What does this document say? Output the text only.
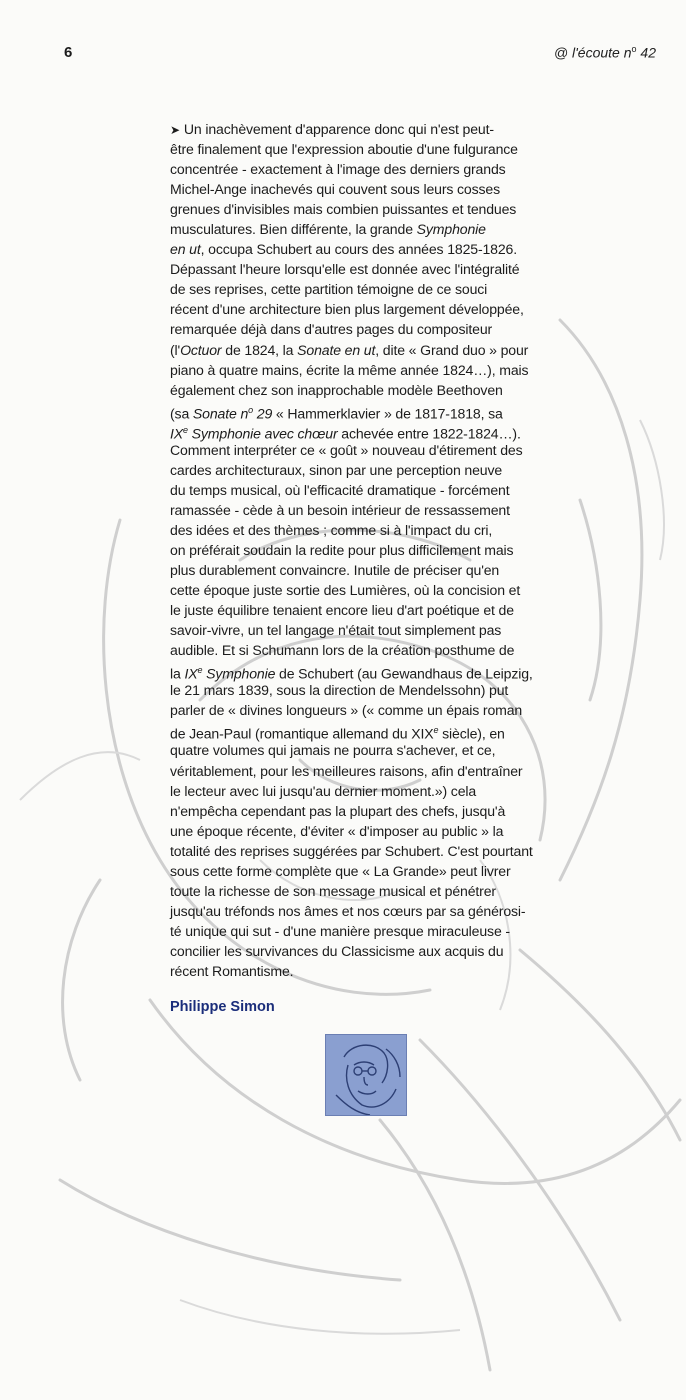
6	@ l'écoute $n^o$ 42
➤ Un inachèvement d'apparence donc qui n'est peut-
être finalement que l'expression aboutie d'une fulgurance
concentrée - exactement à l'image des derniers grands
Michel-Ange inachevés qui couvent sous leurs cosses
grenues d'invisibles mais combien puissantes et tendues
musculatures. Bien différente, la grande Symphonie
en ut, occupa Schubert au cours des années 1825-1826.
Dépassant l'heure lorsqu'elle est donnée avec l'intégralité
de ses reprises, cette partition témoigne de ce souci
récent d'une architecture bien plus largement développée,
remarquée déjà dans d'autres pages du compositeur
(l'Octuor de 1824, la Sonate en ut, dite « Grand duo » pour
piano à quatre mains, écrite la même année 1824…), mais
également chez son inapprochable modèle Beethoven
(sa Sonate $n^o$ 29 « Hammerklavier » de 1817-1818, sa
IXe Symphonie avec chœur achevée entre 1822-1824…).
Comment interpréter ce « goût » nouveau d'étirement des
cardes architecturaux, sinon par une perception neuve
du temps musical, où l'efficacité dramatique - forcément
ramassée - cède à un besoin intérieur de ressassement
des idées et des thèmes ; comme si à l'impact du cri,
on préférait soudain la redite pour plus difficilement mais
plus durablement convaincre. Inutile de préciser qu'en
cette époque juste sortie des Lumières, où la concision et
le juste équilibre tenaient encore lieu d'art poétique et de
savoir-vivre, un tel langage n'était tout simplement pas
audible. Et si Schumann lors de la création posthume de
la IXe Symphonie de Schubert (au Gewandhaus de Leipzig,
le 21 mars 1839, sous la direction de Mendelssohn) put
parler de « divines longueurs » (« comme un épais roman
de Jean-Paul (romantique allemand du XIXe siècle), en
quatre volumes qui jamais ne pourra s'achever, et ce,
véritablement, pour les meilleures raisons, afin d'entraîner
le lecteur avec lui jusqu'au dernier moment.») cela
n'empêcha cependant pas la plupart des chefs, jusqu'à
une époque récente, d'éviter « d'imposer au public » la
totalité des reprises suggérées par Schubert. C'est pourtant
sous cette forme complète que « La Grande» peut livrer
toute la richesse de son message musical et pénétrer
jusqu'au tréfonds nos âmes et nos cœurs par sa générosi-
té unique qui sut - d'une manière presque miraculeuse -
concilier les survivances du Classicisme aux acquis du
récent Romantisme.
Philippe Simon
